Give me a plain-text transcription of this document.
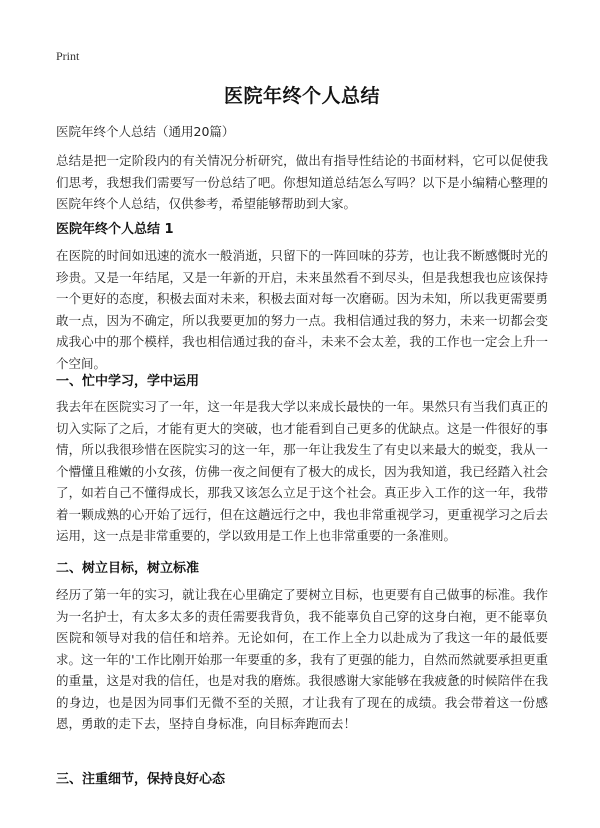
Print
医院年终个人总结
医院年终个人总结（通用20篇）

总结是把一定阶段内的有关情况分析研究，做出有指导性结论的书面材料，它可以促使我们思考，我想我们需要写一份总结了吧。你想知道总结怎么写吗？以下是小编精心整理的医院年终个人总结，仅供参考，希望能够帮助到大家。

医院年终个人总结 1

在医院的时间如迅速的流水一般消逝，只留下的一阵回味的芬芳，也让我不断感慨时光的珍贵。又是一年结尾，又是一年新的开启，未来虽然看不到尽头，但是我想我也应该保持一个更好的态度，积极去面对未来，积极去面对每一次磨砺。因为未知，所以我更需要勇敢一点，因为不确定，所以我要更加的努力一点。我相信通过我的努力，未来一切都会变成我心中的那个模样，我也相信通过我的奋斗，未来不会太差，我的工作也一定会上升一个空间。

一、忙中学习，学中运用

我去年在医院实习了一年，这一年是我大学以来成长最快的一年。果然只有当我们真正的切入实际了之后，才能有更大的突破，也才能看到自己更多的优缺点。这是一件很好的事情，所以我很珍惜在医院实习的这一年，那一年让我发生了有史以来最大的蜕变，我从一个懵懂且稚嫩的小女孩，仿佛一夜之间便有了极大的成长，因为我知道，我已经踏入社会了，如若自己不懂得成长，那我又该怎么立足于这个社会。真正步入工作的这一年，我带着一颗成熟的心开始了远行，但在这趟远行之中，我也非常重视学习，更重视学习之后去运用，这一点是非常重要的，学以致用是工作上也非常重要的一条准则。

二、树立目标，树立标准

经历了第一年的实习，就让我在心里确定了要树立目标，也更要有自己做事的标准。我作为一名护士，有太多太多的责任需要我背负，我不能辜负自己穿的这身白袍，更不能辜负医院和领导对我的信任和培养。无论如何，在工作上全力以赴成为了我这一年的最低要求。这一年的'工作比刚开始那一年要重的多，我有了更强的能力，自然而然就要承担更重的重量，这是对我的信任，也是对我的磨炼。我很感谢大家能够在我疲惫的时候陪伴在我的身边，也是因为同事们无微不至的关照，才让我有了现在的成绩。我会带着这一份感恩，勇敢的走下去，坚持自身标准，向目标奔跑而去！

三、注重细节，保持良好心态
